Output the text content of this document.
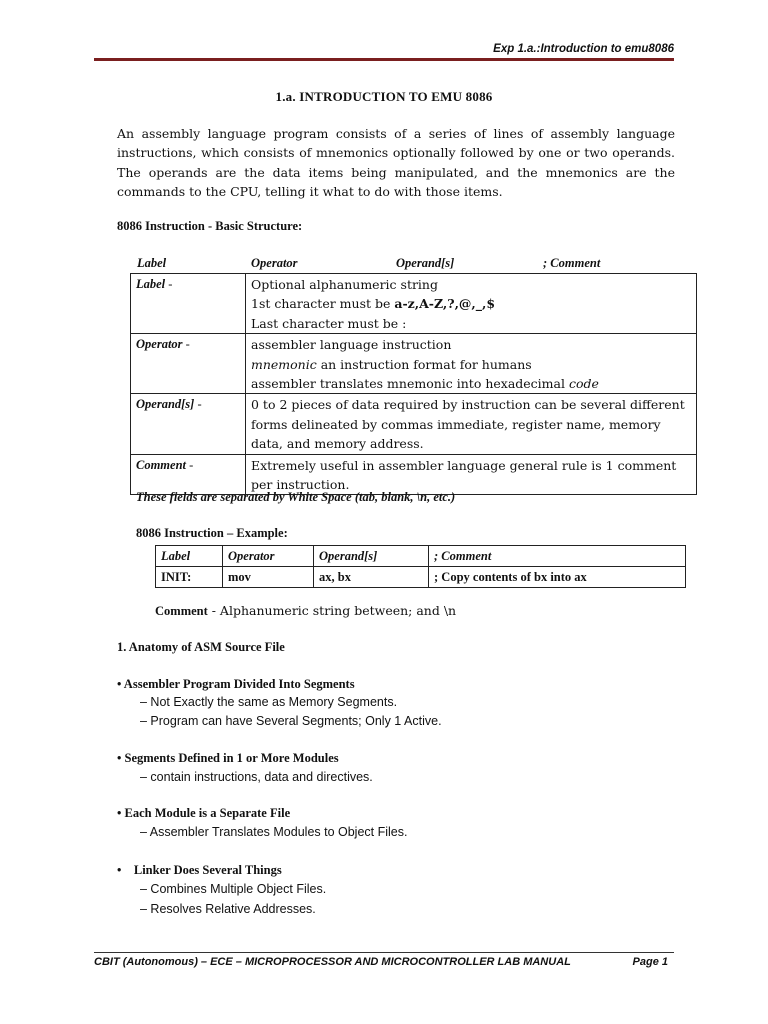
Exp 1.a.:Introduction to emu8086
1.a. INTRODUCTION TO EMU 8086

An assembly language program consists of a series of lines of assembly language instructions, which consists of mnemonics optionally followed by one or two operands. The operands are the data items being manipulated, and the mnemonics are the commands to the CPU, telling it what to do with those items.

8086 Instruction - Basic Structure:
Label	Operator	Operand[s]	; Comment
Label -	Optional alphanumeric string
1st character must be a-z,A-Z,?,@,_,$
Last character must be :

Operator -	assembler language instruction
mnemonic an instruction format for humans
assembler translates mnemonic into hexadecimal code

Operand[s] -	0 to 2 pieces of data required by instruction can be several different forms delineated by commas immediate, register name, memory data, and memory address.
Comment -	Extremely useful in assembler language general rule is 1 comment per instruction.
These fields are separated by White Space (tab, blank, \n, etc.)
8086 Instruction – Example:
Label	Operator	Operand[s]	; Comment
INIT:	mov	ax, bx	; Copy contents of bx into ax
Comment - Alphanumeric string between; and \n
1. Anatomy of ASM Source File
• Assembler Program Divided Into Segments
– Not Exactly the same as Memory Segments.
– Program can have Several Segments; Only 1 Active.
• Segments Defined in 1 or More Modules
– contain instructions, data and directives.
• Each Module is a Separate File
– Assembler Translates Modules to Object Files.
•    Linker Does Several Things
– Combines Multiple Object Files.
– Resolves Relative Addresses.
CBIT (Autonomous) – ECE – MICROPROCESSOR AND MICROCONTROLLER LAB MANUAL	Page 1
